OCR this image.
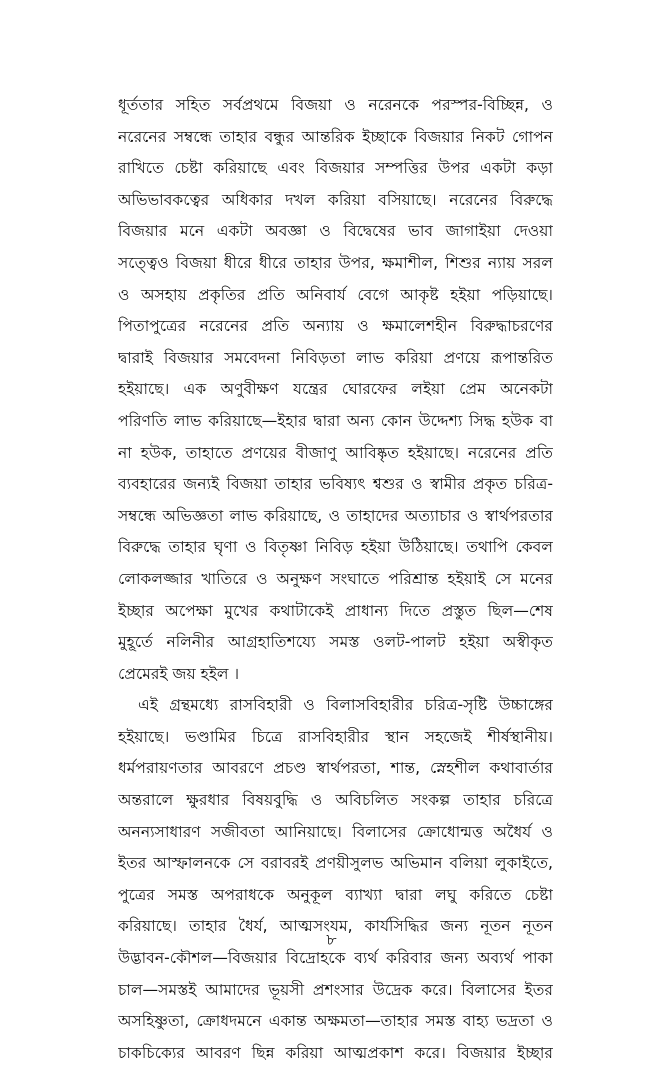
ধূর্ততার সহিত সর্বপ্রথমে বিজয়া ও নরেনকে পরস্পর-বিচ্ছিন্ন, ও
নরেনের সম্বন্ধে তাহার বন্ধুর আন্তরিক ইচ্ছাকে বিজয়ার নিকট গোপন
রাখিতে চেষ্টা করিয়াছে এবং বিজয়ার সম্পত্তির উপর একটা কড়া
অভিভাবকত্বের অধিকার দখল করিয়া বসিয়াছে। নরেনের বিরুদ্ধে
বিজয়ার মনে একটা অবজ্ঞা ও বিদ্বেষের ভাব জাগাইয়া দেওয়া
সত্ত্বেও বিজয়া ধীরে ধীরে তাহার উপর, ক্ষমাশীল, শিশুর ন্যায় সরল
ও অসহায় প্রকৃতির প্রতি অনিবার্য বেগে আকৃষ্ট হইয়া পড়িয়াছে।
পিতাপুত্রের নরেনের প্রতি অন্যায় ও ক্ষমালেশহীন বিরুদ্ধাচরণের
দ্বারাই বিজয়ার সমবেদনা নিবিড়তা লাভ করিয়া প্রণয়ে রূপান্তরিত
হইয়াছে। এক অণুবীক্ষণ যন্ত্রের ঘোরফের লইয়া প্রেম অনেকটা
পরিণতি লাভ করিয়াছে—ইহার দ্বারা অন্য কোন উদ্দেশ্য সিদ্ধ হউক বা
না হউক, তাহাতে প্রণয়ের বীজাণু আবিষ্কৃত হইয়াছে। নরেনের প্রতি
ব্যবহারের জন্যই বিজয়া তাহার ভবিষ্যৎ শ্বশুর ও স্বামীর প্রকৃত চরিত্র-
সম্বন্ধে অভিজ্ঞতা লাভ করিয়াছে, ও তাহাদের অত্যাচার ও স্বার্থপরতার
বিরুদ্ধে তাহার ঘৃণা ও বিতৃষ্ণা নিবিড় হইয়া উঠিয়াছে। তথাপি কেবল
লোকলজ্জার খাতিরে ও অনুক্ষণ সংঘাতে পরিশ্রান্ত হইয়াই সে মনের
ইচ্ছার অপেক্ষা মুখের কথাটাকেই প্রাধান্য দিতে প্রস্তুত ছিল—শেষ
মুহূর্তে নলিনীর আগ্রহাতিশয্যে সমস্ত ওলট-পালট হইয়া অস্বীকৃত
প্রেমেরই জয় হইল ।
এই গ্রন্থমধ্যে রাসবিহারী ও বিলাসবিহারীর চরিত্র-সৃষ্টি উচ্চাঙ্গের
হইয়াছে। ভণ্ডামির চিত্রে রাসবিহারীর স্থান সহজেই শীর্ষস্থানীয়।
ধর্মপরায়ণতার আবরণে প্রচণ্ড স্বার্থপরতা, শান্ত, স্নেহশীল কথাবার্তার
অন্তরালে ক্ষুরধার বিষয়বুদ্ধি ও অবিচলিত সংকল্প তাহার চরিত্রে
অনন্যসাধারণ সজীবতা আনিয়াছে। বিলাসের ক্রোধোন্মত্ত অধৈর্য ও
ইতর আস্ফালনকে সে বরাবরই প্রণয়ীসুলভ অভিমান বলিয়া লুকাইতে,
পুত্রের সমস্ত অপরাধকে অনুকূল ব্যাখ্যা দ্বারা লঘু করিতে চেষ্টা
করিয়াছে। তাহার ধৈর্য, আত্মসংযম, কার্যসিদ্ধির জন্য নূতন নূতন
উদ্ভাবন-কৌশল—বিজয়ার বিদ্রোহকে ব্যর্থ করিবার জন্য অব্যর্থ পাকা
চাল—সমস্তই আমাদের ভূয়সী প্রশংসার উদ্রেক করে। বিলাসের ইতর
অসহিষ্ণুতা, ক্রোধদমনে একান্ত অক্ষমতা—তাহার সমস্ত বাহ্য ভদ্রতা ও
চাকচিক্যের আবরণ ছিন্ন করিয়া আত্মপ্রকাশ করে। বিজয়ার ইচ্ছার
৮
